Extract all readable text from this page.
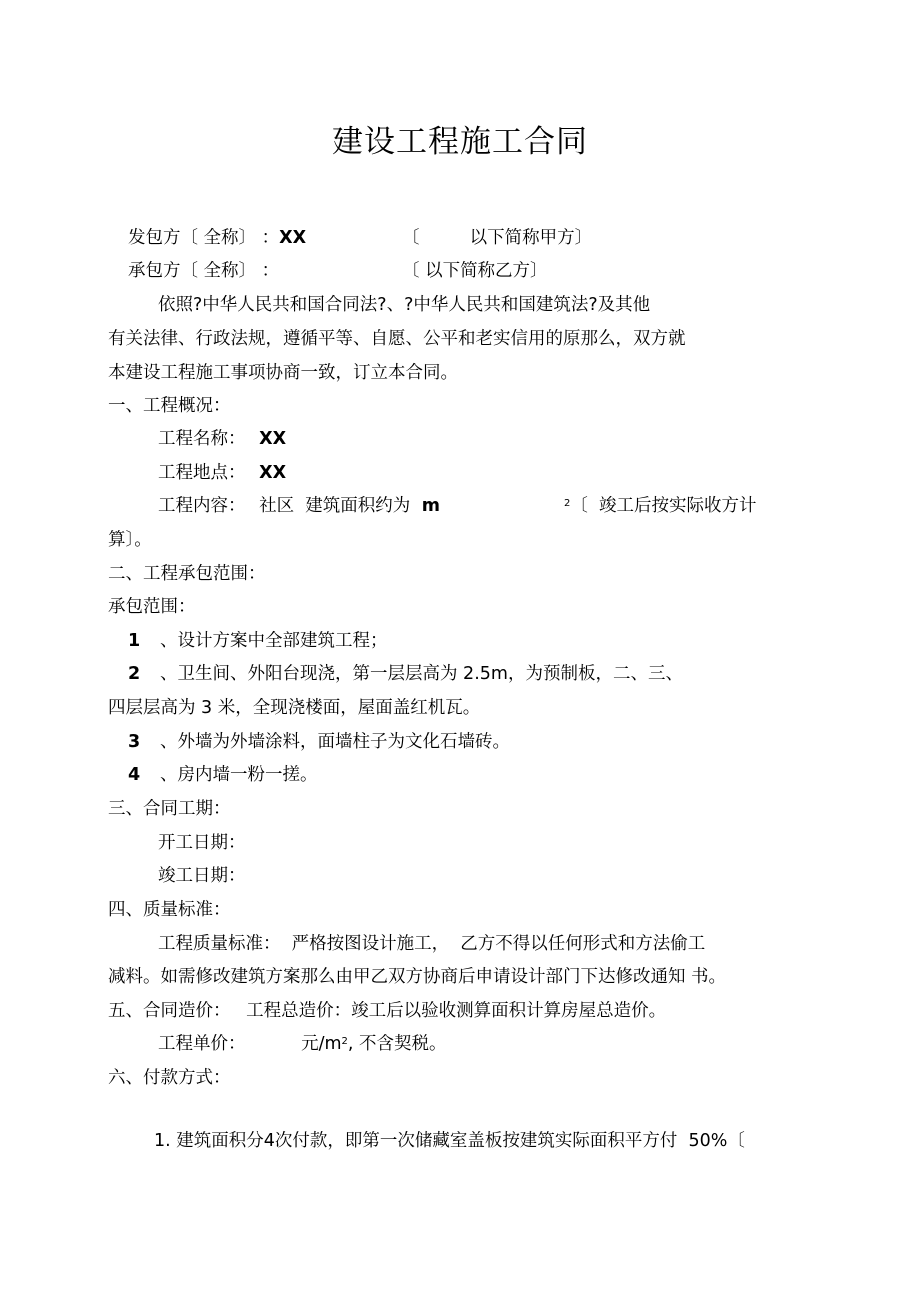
建设工程施工合同
发包方〔 全称〕 ：XX	〔         以下简称甲方〕
承包方〔 全称〕 ：	〔 以下简称乙方〕
依照?中华人民共和国合同法?、?中华人民共和国建筑法?及其他
有关法律、行政法规，遵循平等、自愿、公平和老实信用的原那么，双方就
本建设工程施工事项协商一致，订立本合同。
一、工程概况：
工程名称： XX
工程地点： XX
工程内容： 社区  建筑面积约为 m	$^2$〔  竣工后按实际收方计
算〕。
二、工程承包范围：
承包范围：
1 、设计方案中全部建筑工程；
2 、卫生间、外阳台现浇，第一层层高为 2.5m，为预制板，二、三、
四层层高为 3 米，全现浇楼面，屋面盖红机瓦。
3 、外墙为外墙涂料，面墙柱子为文化石墙砖。
4 、房内墙一粉一搓。
三、合同工期：
开工日期：
竣工日期：
四、质量标准：
工程质量标准：  严格按图设计施工，  乙方不得以任何形式和方法偷工
减料。如需修改建筑方案那么由甲乙双方协商后申请设计部门下达修改通知 书。
五、合同造价： 工程总造价：竣工后以验收测算面积计算房屋总造价。
工程单价：	元$/m^2$, 不含契税。
六、付款方式：
1. 建筑面积分4次付款，即第一次储藏室盖板按建筑实际面积平方付  50%〔
